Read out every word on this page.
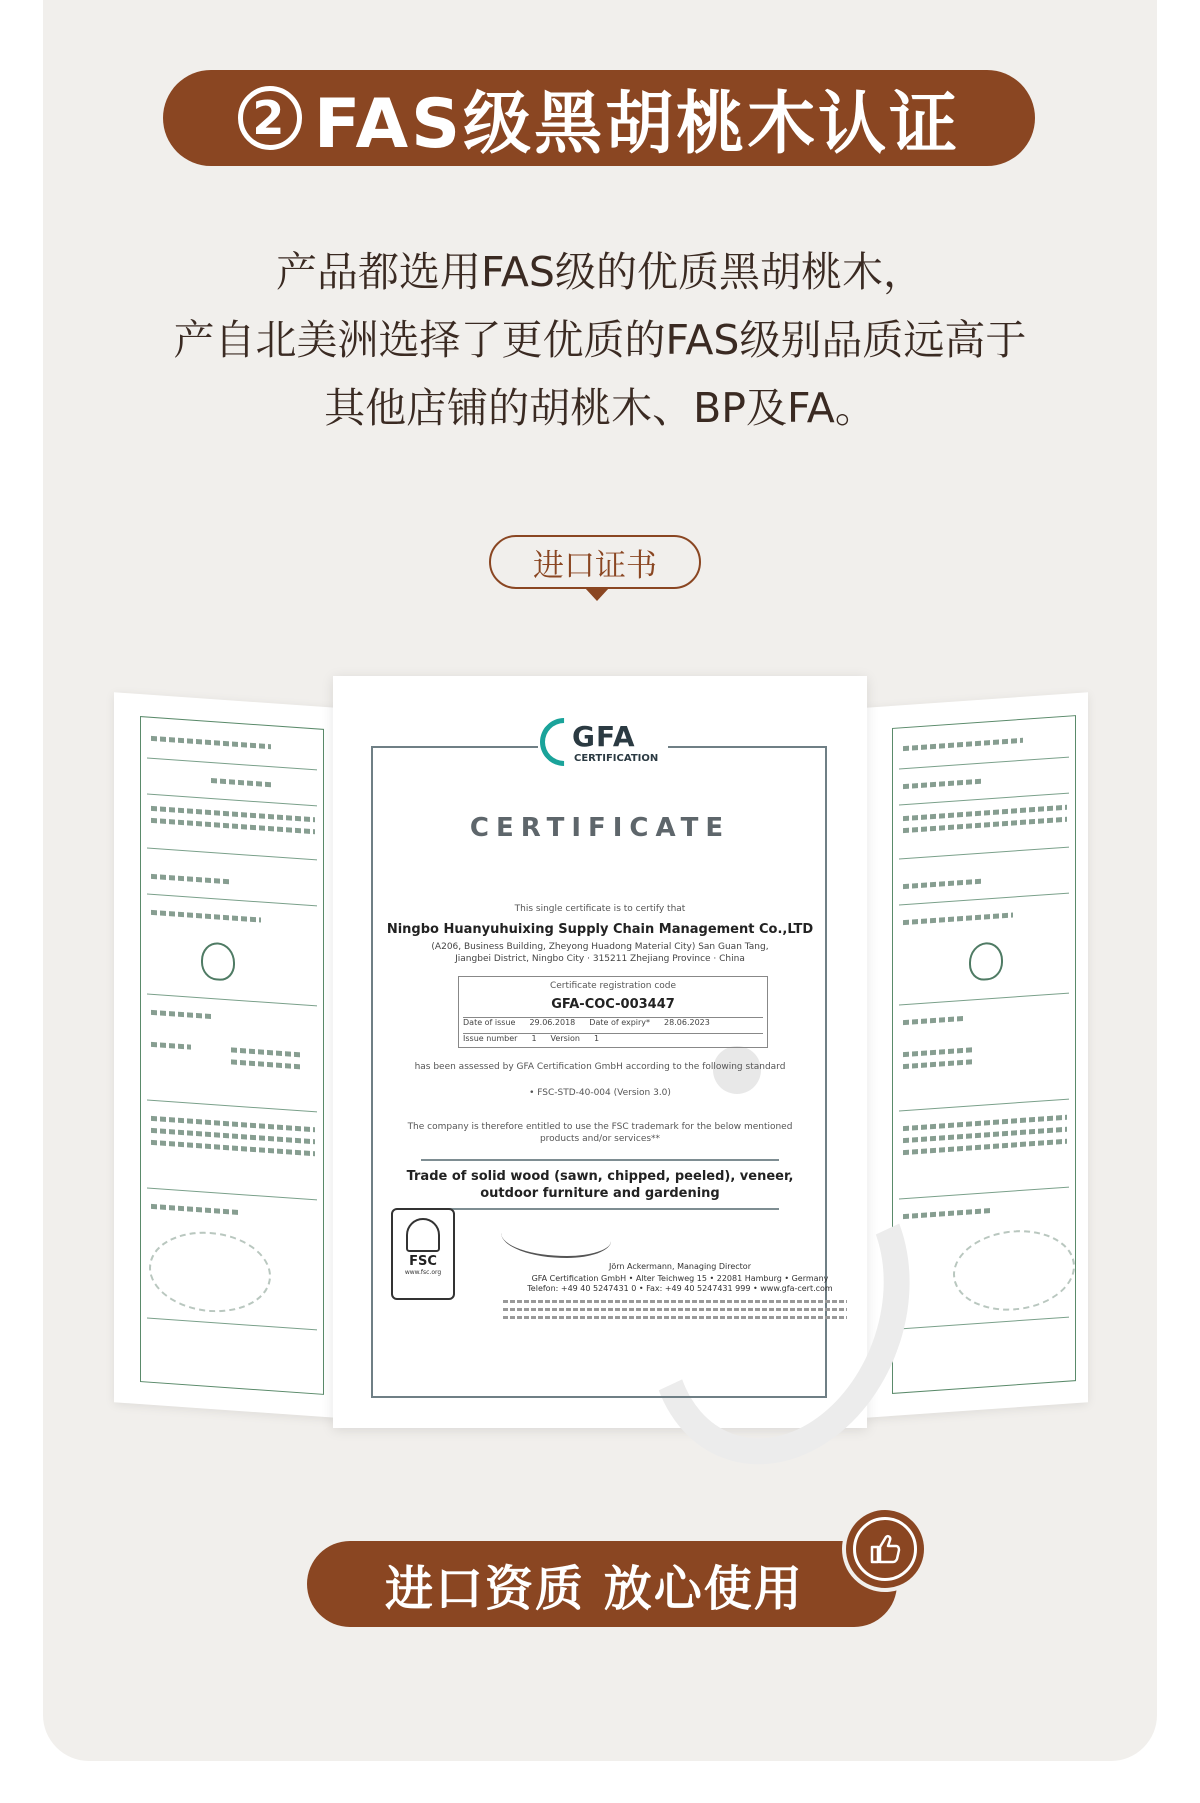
2 FAS级黑胡桃木认证
产品都选用FAS级的优质黑胡桃木，
产自北美洲选择了更优质的FAS级别品质远高于
其他店铺的胡桃木、BP及FA。
进口证书
GFA
CERTIFICATION
CERTIFICATE
This single certificate is to certify that
Ningbo Huanyuhuixing Supply Chain Management Co.,LTD
(A206, Business Building, Zheyong Huadong Material City) San Guan Tang,
Jiangbei District, Ningbo City · 315211 Zhejiang Province · China
Certificate registration code
GFA-COC-003447
Date of issue 29.06.2018 Date of expiry* 28.06.2023
Issue number 1 Version 1
has been assessed by GFA Certification GmbH according to the following standard
• FSC-STD-40-004 (Version 3.0)
The company is therefore entitled to use the FSC trademark for the below mentioned
products and/or services**
Trade of solid wood (sawn, chipped, peeled), veneer,
outdoor furniture and gardening
FSC
www.fsc.org
Jörn Ackermann, Managing Director
GFA Certification GmbH • Alter Teichweg 15 • 22081 Hamburg • Germany
Telefon: +49 40 5247431 0 • Fax: +49 40 5247431 999 • www.gfa-cert.com
进口资质 放心使用
